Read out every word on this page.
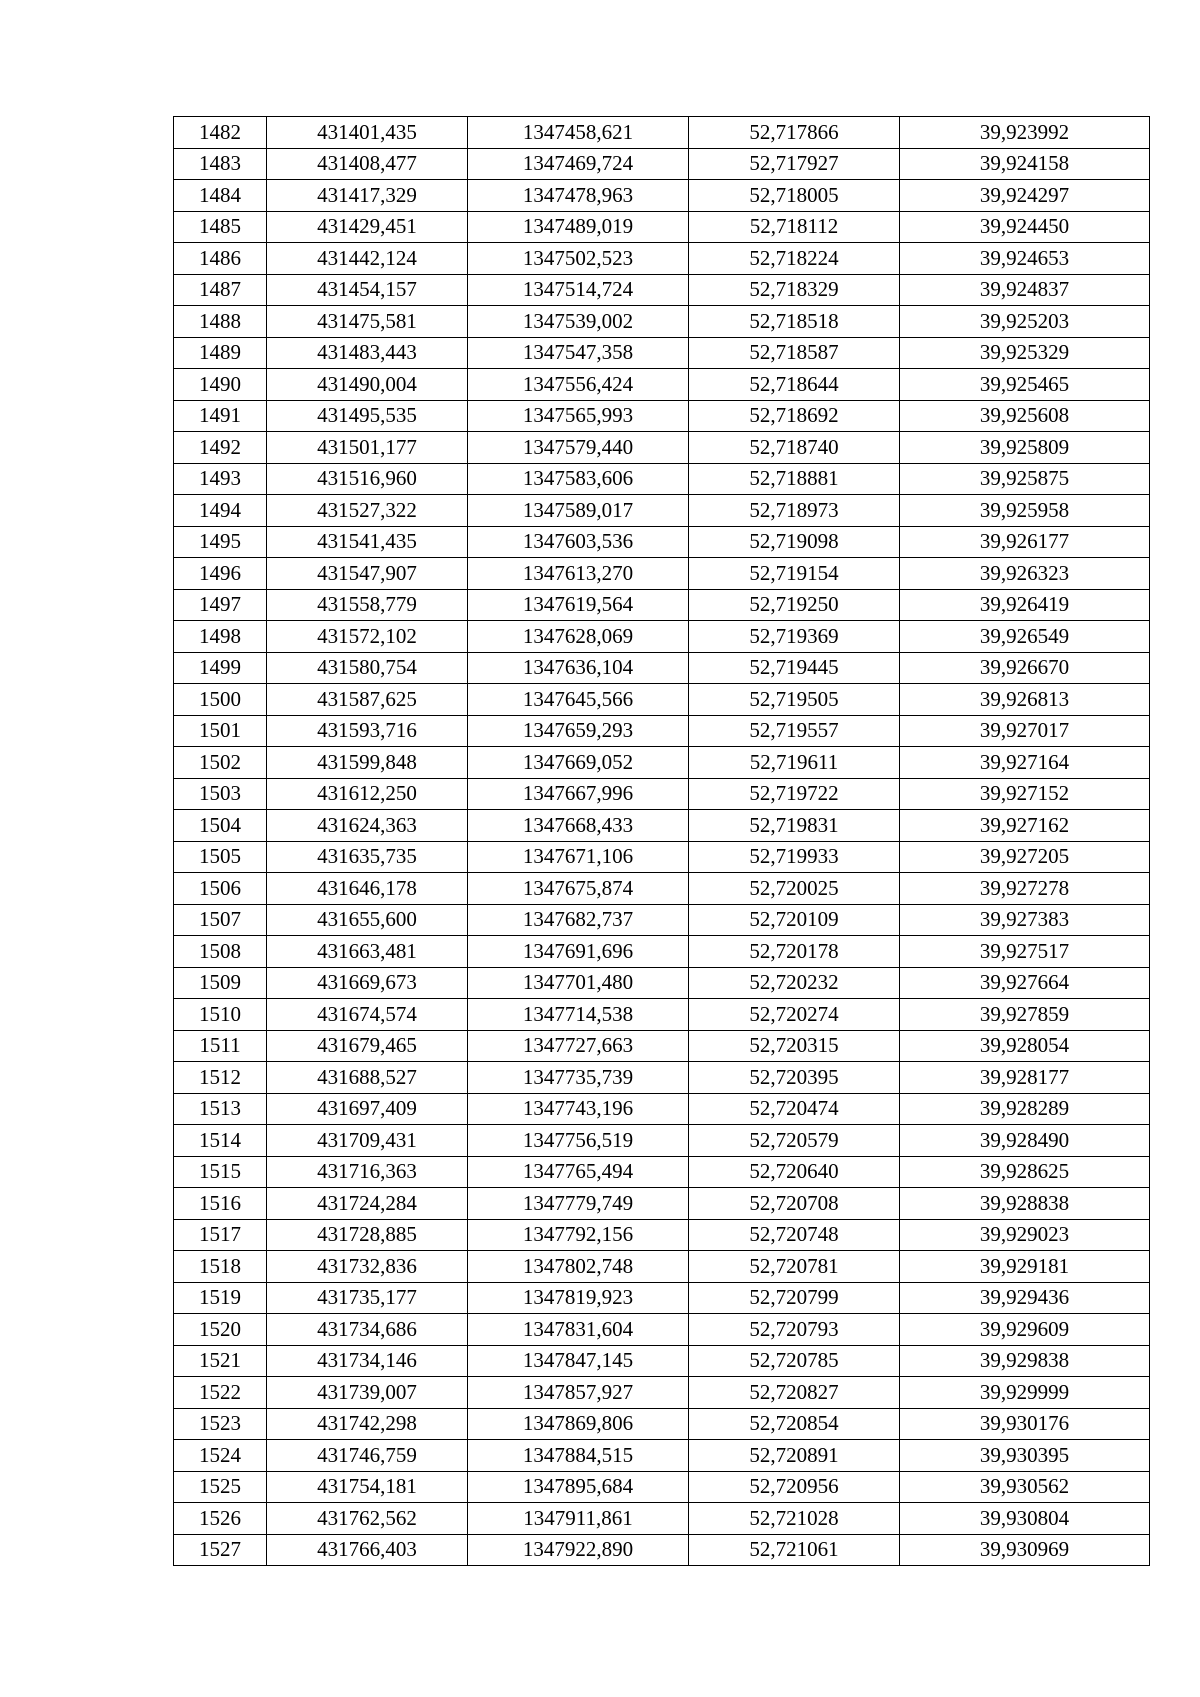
1482	431401,435	1347458,621	52,717866	39,923992
1483	431408,477	1347469,724	52,717927	39,924158
1484	431417,329	1347478,963	52,718005	39,924297
1485	431429,451	1347489,019	52,718112	39,924450
1486	431442,124	1347502,523	52,718224	39,924653
1487	431454,157	1347514,724	52,718329	39,924837
1488	431475,581	1347539,002	52,718518	39,925203
1489	431483,443	1347547,358	52,718587	39,925329
1490	431490,004	1347556,424	52,718644	39,925465
1491	431495,535	1347565,993	52,718692	39,925608
1492	431501,177	1347579,440	52,718740	39,925809
1493	431516,960	1347583,606	52,718881	39,925875
1494	431527,322	1347589,017	52,718973	39,925958
1495	431541,435	1347603,536	52,719098	39,926177
1496	431547,907	1347613,270	52,719154	39,926323
1497	431558,779	1347619,564	52,719250	39,926419
1498	431572,102	1347628,069	52,719369	39,926549
1499	431580,754	1347636,104	52,719445	39,926670
1500	431587,625	1347645,566	52,719505	39,926813
1501	431593,716	1347659,293	52,719557	39,927017
1502	431599,848	1347669,052	52,719611	39,927164
1503	431612,250	1347667,996	52,719722	39,927152
1504	431624,363	1347668,433	52,719831	39,927162
1505	431635,735	1347671,106	52,719933	39,927205
1506	431646,178	1347675,874	52,720025	39,927278
1507	431655,600	1347682,737	52,720109	39,927383
1508	431663,481	1347691,696	52,720178	39,927517
1509	431669,673	1347701,480	52,720232	39,927664
1510	431674,574	1347714,538	52,720274	39,927859
1511	431679,465	1347727,663	52,720315	39,928054
1512	431688,527	1347735,739	52,720395	39,928177
1513	431697,409	1347743,196	52,720474	39,928289
1514	431709,431	1347756,519	52,720579	39,928490
1515	431716,363	1347765,494	52,720640	39,928625
1516	431724,284	1347779,749	52,720708	39,928838
1517	431728,885	1347792,156	52,720748	39,929023
1518	431732,836	1347802,748	52,720781	39,929181
1519	431735,177	1347819,923	52,720799	39,929436
1520	431734,686	1347831,604	52,720793	39,929609
1521	431734,146	1347847,145	52,720785	39,929838
1522	431739,007	1347857,927	52,720827	39,929999
1523	431742,298	1347869,806	52,720854	39,930176
1524	431746,759	1347884,515	52,720891	39,930395
1525	431754,181	1347895,684	52,720956	39,930562
1526	431762,562	1347911,861	52,721028	39,930804
1527	431766,403	1347922,890	52,721061	39,930969
